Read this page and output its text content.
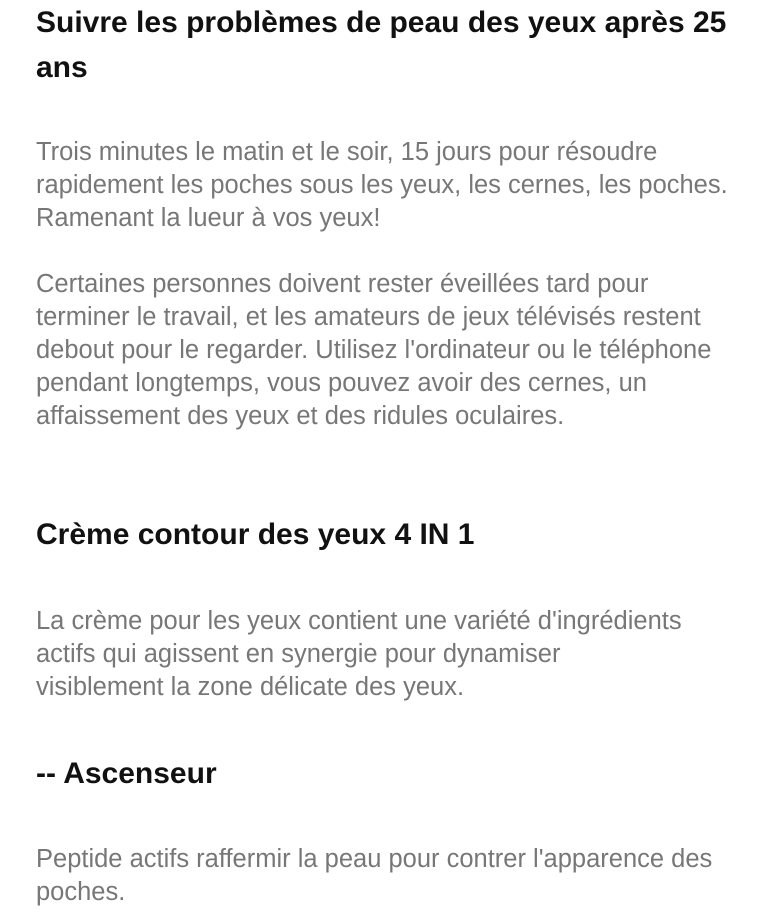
Suivre les problèmes de peau des yeux après 25 ans

Trois minutes le matin et le soir, 15 jours pour résoudre rapidement les poches sous les yeux, les cernes, les poches. Ramenant la lueur à vos yeux!

Certaines personnes doivent rester éveillées tard pour terminer le travail, et les amateurs de jeux télévisés restent debout pour le regarder. Utilisez l'ordinateur ou le téléphone pendant longtemps, vous pouvez avoir des cernes, un affaissement des yeux et des ridules oculaires.

Crème contour des yeux 4 IN 1

La crème pour les yeux contient une variété d'ingrédients actifs qui agissent en synergie pour dynamiser visiblement la zone délicate des yeux.

-- Ascenseur

Peptide actifs raffermir la peau pour contrer l'apparence des poches.
